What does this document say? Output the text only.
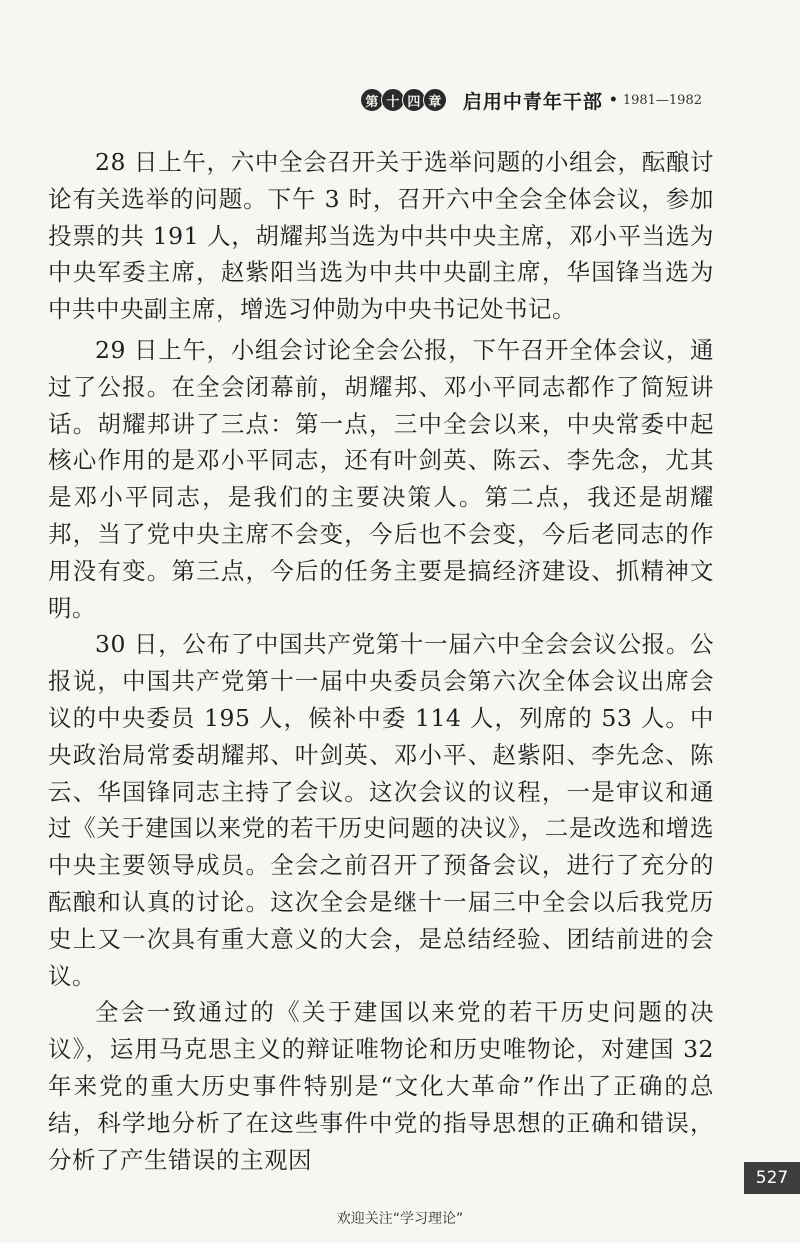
第 十 四 章 启用中青年干部 • 1981—1982

28 日上午，六中全会召开关于选举问题的小组会，酝酿讨论有关选举的问题。下午 3 时，召开六中全会全体会议，参加投票的共 191 人，胡耀邦当选为中共中央主席，邓小平当选为中央军委主席，赵紫阳当选为中共中央副主席，华国锋当选为中共中央副主席，增选习仲勋为中央书记处书记。

29 日上午，小组会讨论全会公报，下午召开全体会议，通过了公报。在全会闭幕前，胡耀邦、邓小平同志都作了简短讲话。胡耀邦讲了三点：第一点，三中全会以来，中央常委中起核心作用的是邓小平同志，还有叶剑英、陈云、李先念，尤其是邓小平同志，是我们的主要决策人。第二点，我还是胡耀邦，当了党中央主席不会变，今后也不会变，今后老同志的作用没有变。第三点，今后的任务主要是搞经济建设、抓精神文明。

30 日，公布了中国共产党第十一届六中全会会议公报。公报说，中国共产党第十一届中央委员会第六次全体会议出席会议的中央委员 195 人，候补中委 114 人，列席的 53 人。中央政治局常委胡耀邦、叶剑英、邓小平、赵紫阳、李先念、陈云、华国锋同志主持了会议。这次会议的议程，一是审议和通过《关于建国以来党的若干历史问题的决议》，二是改选和增选中央主要领导成员。全会之前召开了预备会议，进行了充分的酝酿和认真的讨论。这次全会是继十一届三中全会以后我党历史上又一次具有重大意义的大会，是总结经验、团结前进的会议。

全会一致通过的《关于建国以来党的若干历史问题的决议》，运用马克思主义的辩证唯物论和历史唯物论，对建国 32 年来党的重大历史事件特别是“文化大革命”作出了正确的总结，科学地分析了在这些事件中党的指导思想的正确和错误，分析了产生错误的主观因

527
欢迎关注“学习理论”
